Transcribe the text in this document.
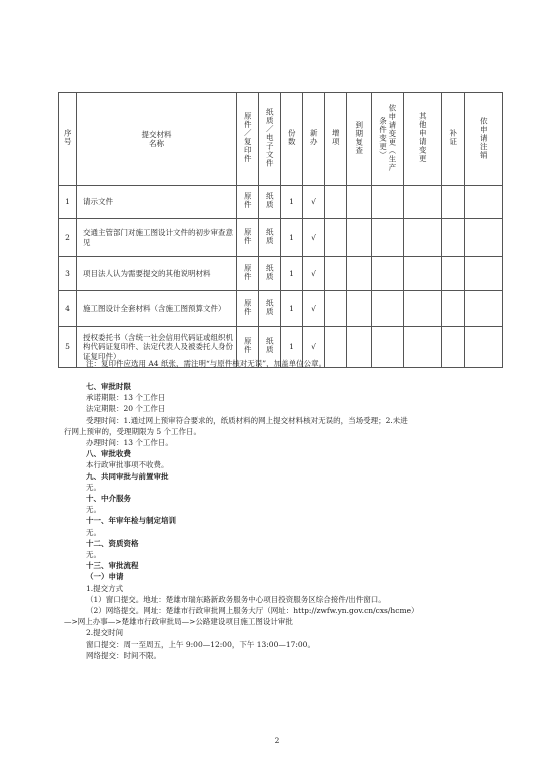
序号	提交材料名称	原件／复印件	纸质／电子文件	份数	新办	增项	到期复查	依申请变更（生产条件变更）	其他申请变更	补证	依申请注销
1	请示文件	原件	纸质	1	√						
2	交通主管部门对施工图设计文件的初步审查意见	原件	纸质	1	√						
3	项目法人认为需要提交的其他说明材料	原件	纸质	1	√						
4	施工图设计全套材料（含施工图预算文件）	原件	纸质	1	√						
5	授权委托书（含统一社会信用代码证或组织机构代码证复印件、法定代表人及被委托人身份证复印件）	原件	纸质	1	√						
注：复印件应选用 A4 纸张，需注明“与原件核对无误”，加盖单位公章。

七、审批时限

承诺期限：13 个工作日

法定期限：20 个工作日

受理时间：1.通过网上预审符合要求的，纸质材料的网上提交材料核对无误的，当场受理；2.未进

行网上预审的，受理期限为 5 个工作日。

办理时间：13 个工作日。

八、审批收费

本行政审批事项不收费。

九、共同审批与前置审批

无。

十、中介服务

无。

十一、年审年检与制定培训

无。

十二、资质资格

无。

十三、审批流程

（一）申请

1.提交方式

（1）窗口提交。地址：楚雄市瑞东路新政务服务中心项目投资服务区综合接件/出件窗口。

（2）网络提交。网址：楚雄市行政审批网上服务大厅（网址：http://zwfw.yn.gov.cn/cxs/hcme）

—>网上办事—>楚雄市行政审批局—>公路建设项目施工图设计审批

2.提交时间

窗口提交：周一至周五，上午 9:00—12:00，下午 13:00—17:00。

网络提交：时间不限。

2
